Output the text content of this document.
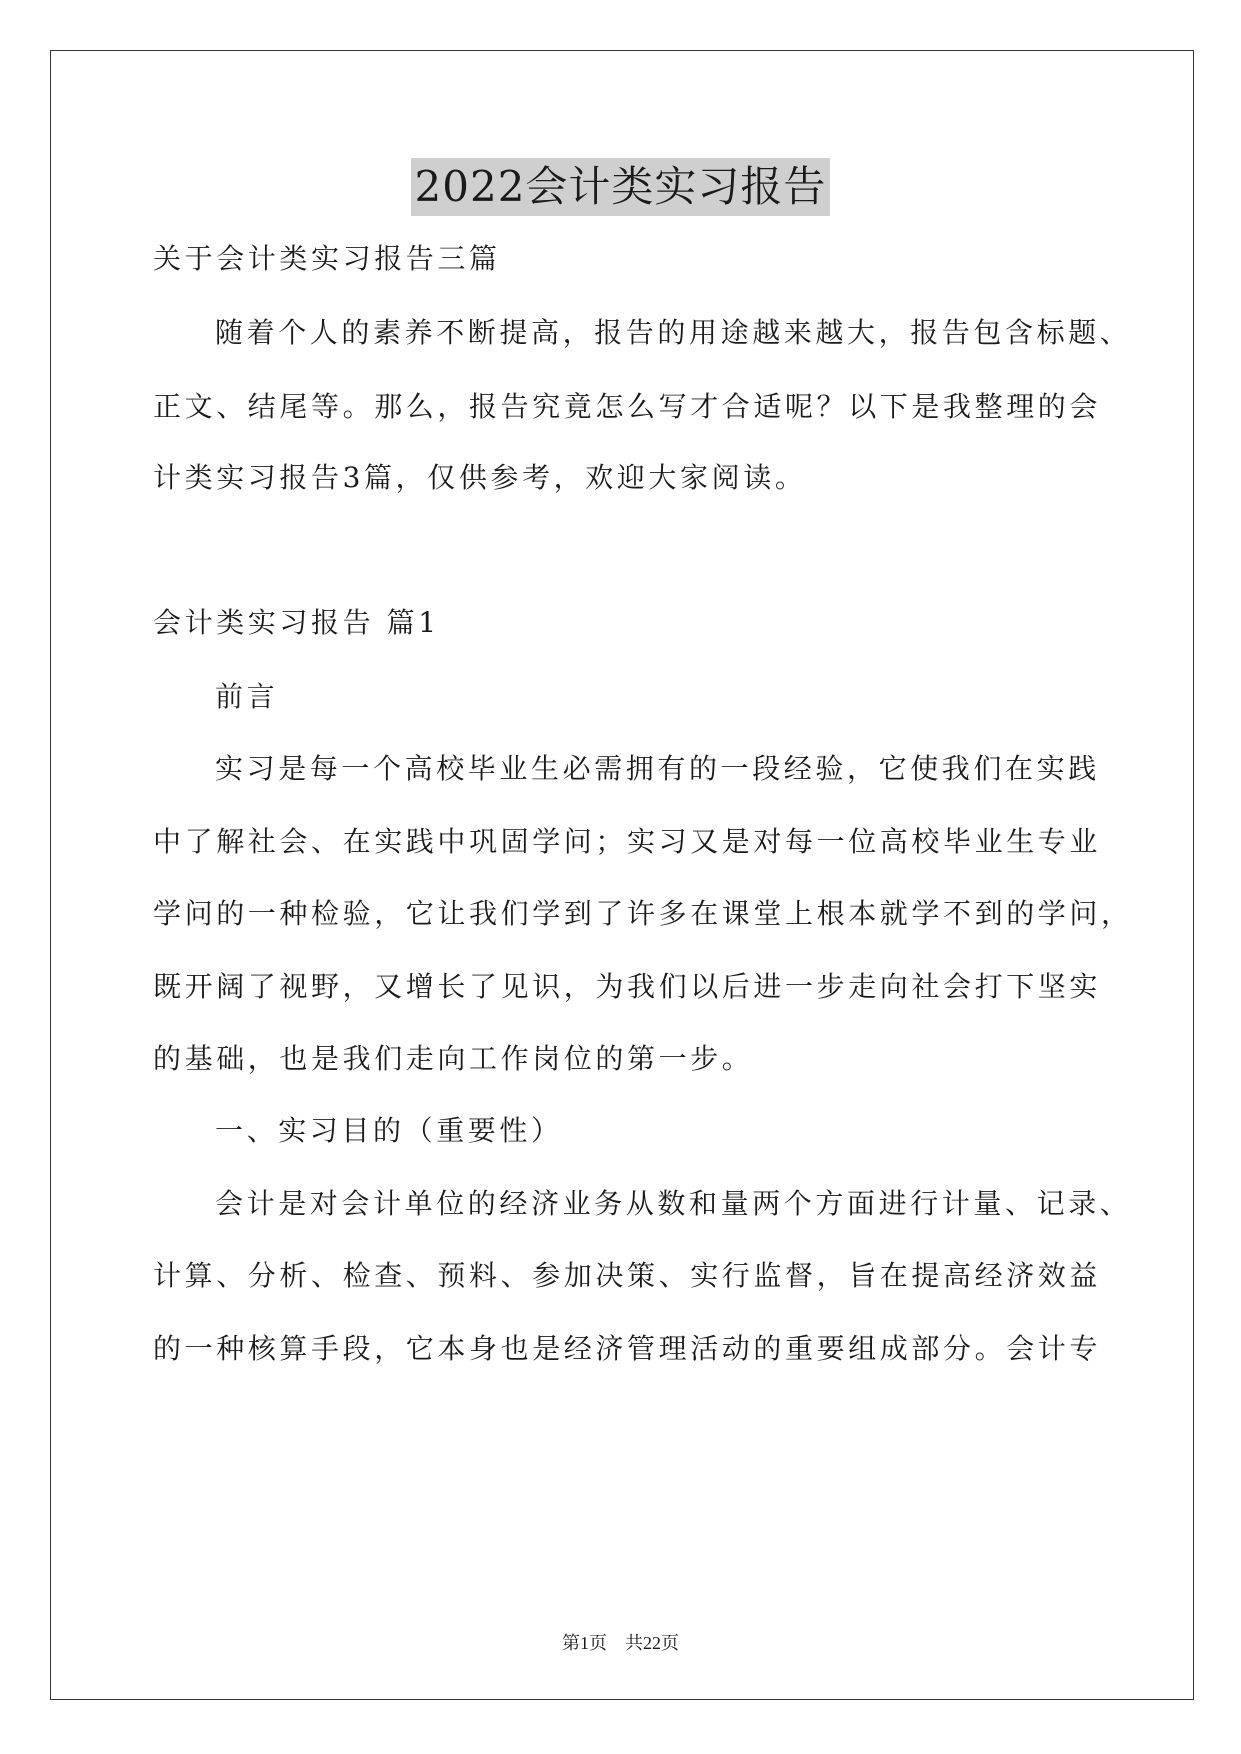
2022会计类实习报告
关于会计类实习报告三篇
随着个人的素养不断提高，报告的用途越来越大，报告包含标题、
正文、结尾等。那么，报告究竟怎么写才合适呢？以下是我整理的会
计类实习报告3篇，仅供参考，欢迎大家阅读。
会计类实习报告 篇1
前言
实习是每一个高校毕业生必需拥有的一段经验，它使我们在实践
中了解社会、在实践中巩固学问；实习又是对每一位高校毕业生专业
学问的一种检验，它让我们学到了许多在课堂上根本就学不到的学问，
既开阔了视野，又增长了见识，为我们以后进一步走向社会打下坚实
的基础，也是我们走向工作岗位的第一步。
一、实习目的（重要性）
会计是对会计单位的经济业务从数和量两个方面进行计量、记录、
计算、分析、检查、预料、参加决策、实行监督，旨在提高经济效益
的一种核算手段，它本身也是经济管理活动的重要组成部分。会计专
第1页 共22页
